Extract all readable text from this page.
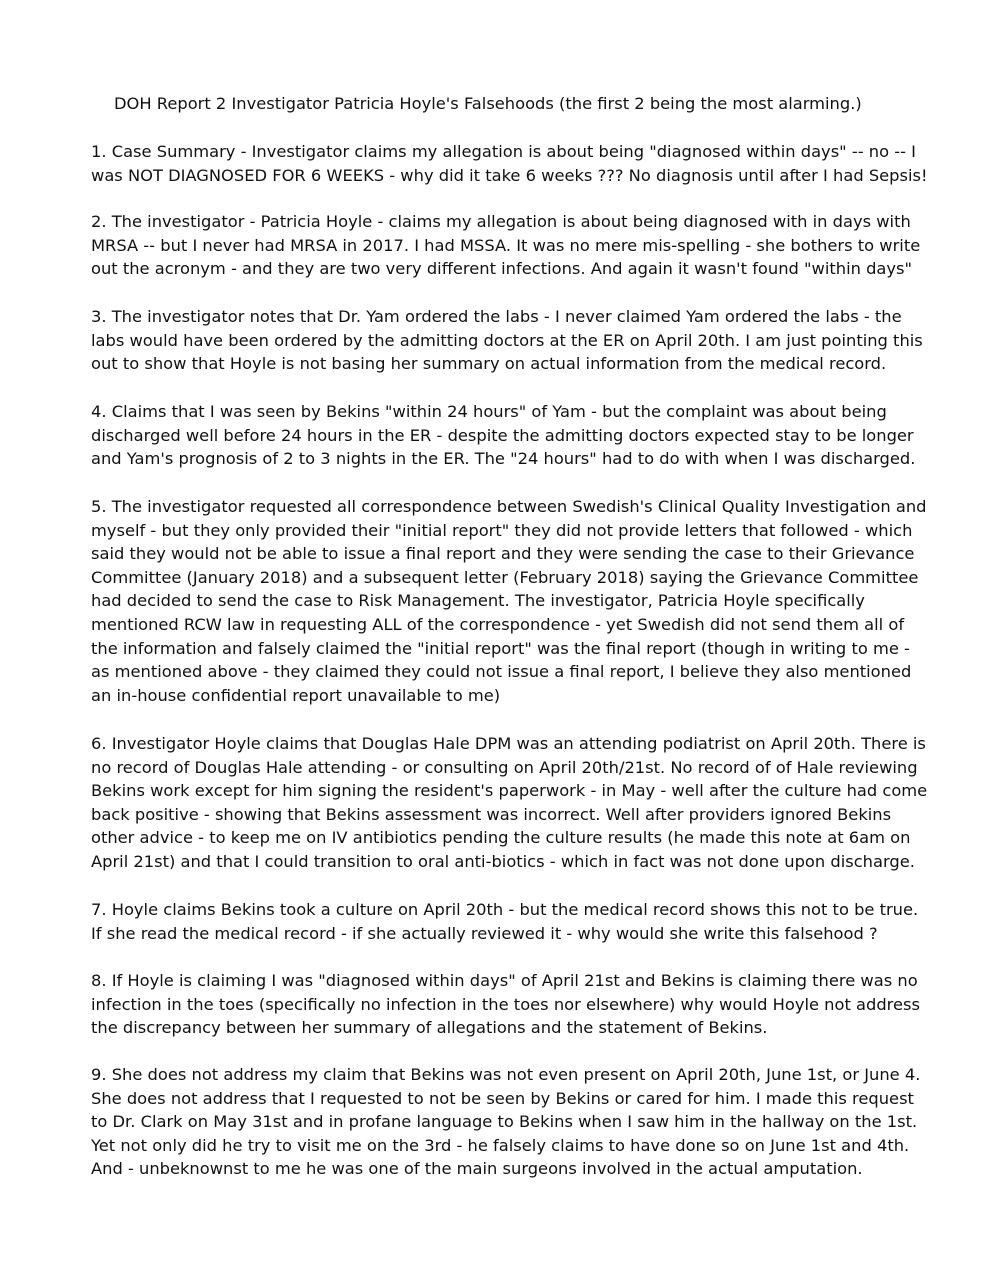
DOH Report 2 Investigator Patricia Hoyle's Falsehoods (the first 2 being the most alarming.)
1. Case Summary - Investigator claims my allegation is about being "diagnosed within days" -- no -- I
was NOT DIAGNOSED FOR 6 WEEKS - why did it take 6 weeks ??? No diagnosis until after I had Sepsis!
2. The investigator - Patricia Hoyle - claims my allegation is about being diagnosed with in days with
MRSA -- but I never had MRSA in 2017. I had MSSA. It was no mere mis-spelling - she bothers to write
out the acronym - and they are two very different infections. And again it wasn't found "within days"
3. The investigator notes that Dr. Yam ordered the labs - I never claimed Yam ordered the labs - the
labs would have been ordered by the admitting doctors at the ER on April 20th. I am just pointing this
out to show that Hoyle is not basing her summary on actual information from the medical record.
4. Claims that I was seen by Bekins "within 24 hours" of Yam - but the complaint was about being
discharged well before 24 hours in the ER - despite the admitting doctors expected stay to be longer
and Yam's prognosis of 2 to 3 nights in the ER. The "24 hours" had to do with when I was discharged.
5. The investigator requested all correspondence between Swedish's Clinical Quality Investigation and
myself - but they only provided their "initial report" they did not provide letters that followed - which
said they would not be able to issue a final report and they were sending the case to their Grievance
Committee (January 2018) and a subsequent letter (February 2018) saying the Grievance Committee
had decided to send the case to Risk Management. The investigator, Patricia Hoyle specifically
mentioned RCW law in requesting ALL of the correspondence - yet Swedish did not send them all of
the information and falsely claimed the "initial report" was the final report (though in writing to me -
as mentioned above - they claimed they could not issue a final report, I believe they also mentioned
an in-house confidential report unavailable to me)
6. Investigator Hoyle claims that Douglas Hale DPM was an attending podiatrist on April 20th. There is
no record of Douglas Hale attending - or consulting on April 20th/21st. No record of of Hale reviewing
Bekins work except for him signing the resident's paperwork - in May - well after the culture had come
back positive - showing that Bekins assessment was incorrect. Well after providers ignored Bekins
other advice - to keep me on IV antibiotics pending the culture results (he made this note at 6am on
April 21st) and that I could transition to oral anti-biotics - which in fact was not done upon discharge.
7. Hoyle claims Bekins took a culture on April 20th - but the medical record shows this not to be true.
If she read the medical record - if she actually reviewed it - why would she write this falsehood ?
8. If Hoyle is claiming I was "diagnosed within days" of April 21st and Bekins is claiming there was no
infection in the toes (specifically no infection in the toes nor elsewhere) why would Hoyle not address
the discrepancy between her summary of allegations and the statement of Bekins.
9. She does not address my claim that Bekins was not even present on April 20th, June 1st, or June 4.
She does not address that I requested to not be seen by Bekins or cared for him. I made this request
to Dr. Clark on May 31st and in profane language to Bekins when I saw him in the hallway on the 1st.
Yet not only did he try to visit me on the 3rd - he falsely claims to have done so on June 1st and 4th.
And - unbeknownst to me he was one of the main surgeons involved in the actual amputation.
